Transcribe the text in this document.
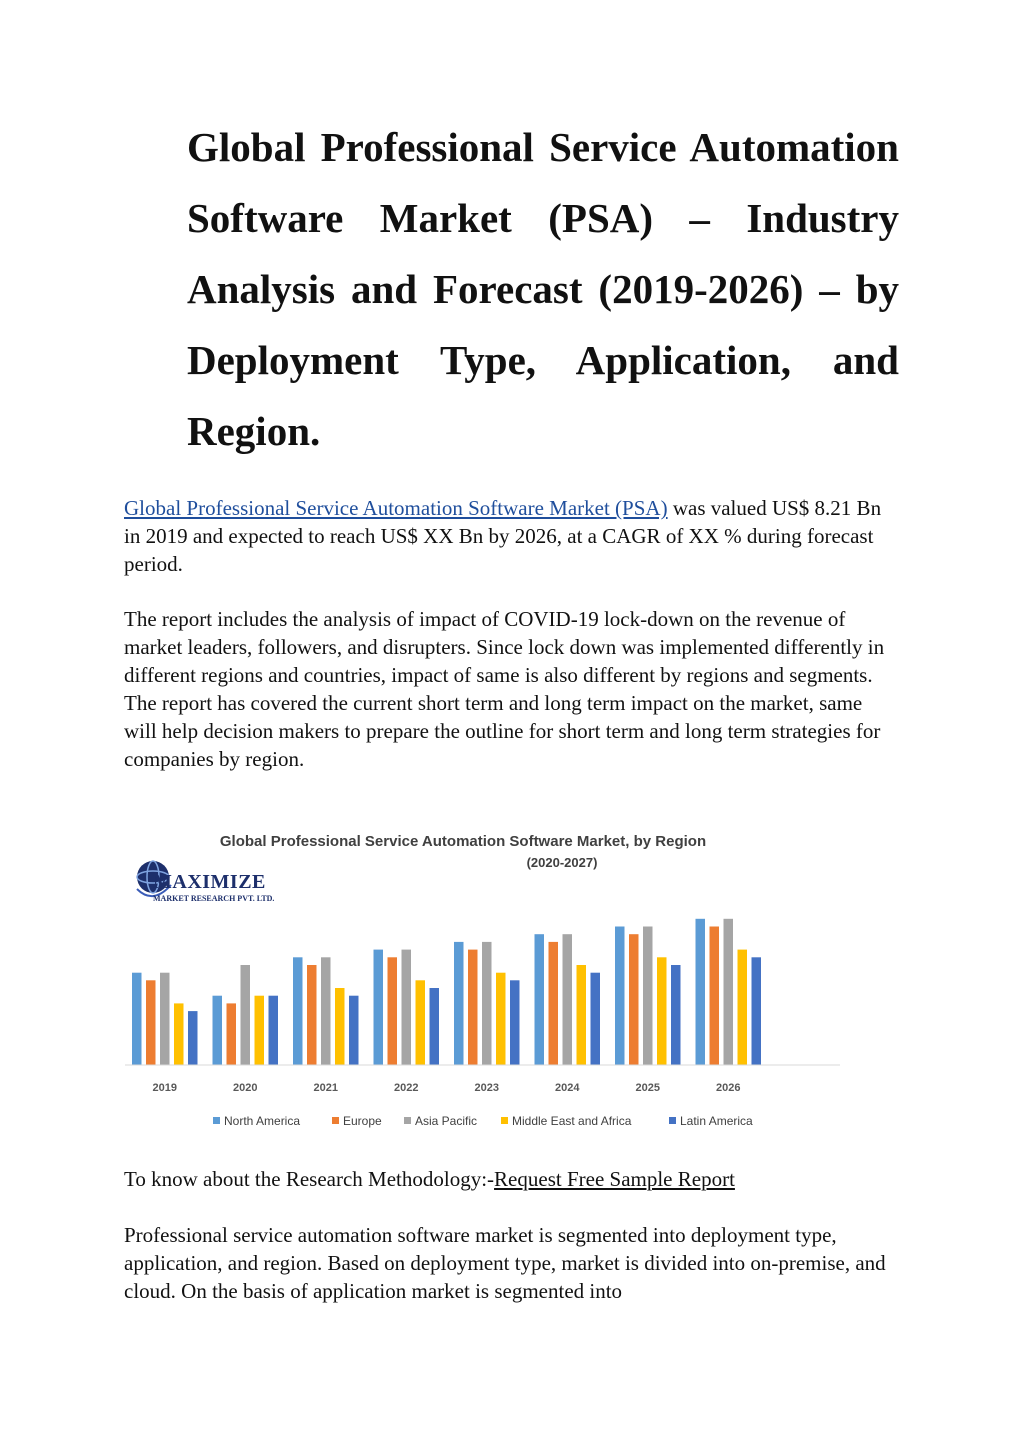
Global Professional Service Automation Software Market (PSA) – Industry Analysis and Forecast (2019-2026) – by Deployment Type, Application, and Region.

Global Professional Service Automation Software Market (PSA) was valued US$ 8.21 Bn in 2019 and expected to reach US$ XX Bn by 2026, at a CAGR of XX % during forecast period.

The report includes the analysis of impact of COVID-19 lock-down on the revenue of market leaders, followers, and disrupters. Since lock down was implemented differently in different regions and countries, impact of same is also different by regions and segments. The report has covered the current short term and long term impact on the market, same will help decision makers to prepare the outline for short term and long term strategies for companies by region.

MAXIMIZE
MARKET RESEARCH PVT. LTD.
Global Professional Service Automation Software Market, by Region
(2020-2027)
2019	2020	2021	2022	2023	2024	2025	2026
North America	Europe	Asia Pacific	Middle East and Africa	Latin America

To know about the Research Methodology:-Request Free Sample Report

Professional service automation software market is segmented into deployment type, application, and region. Based on deployment type, market is divided into on-premise, and cloud. On the basis of application market is segmented into
